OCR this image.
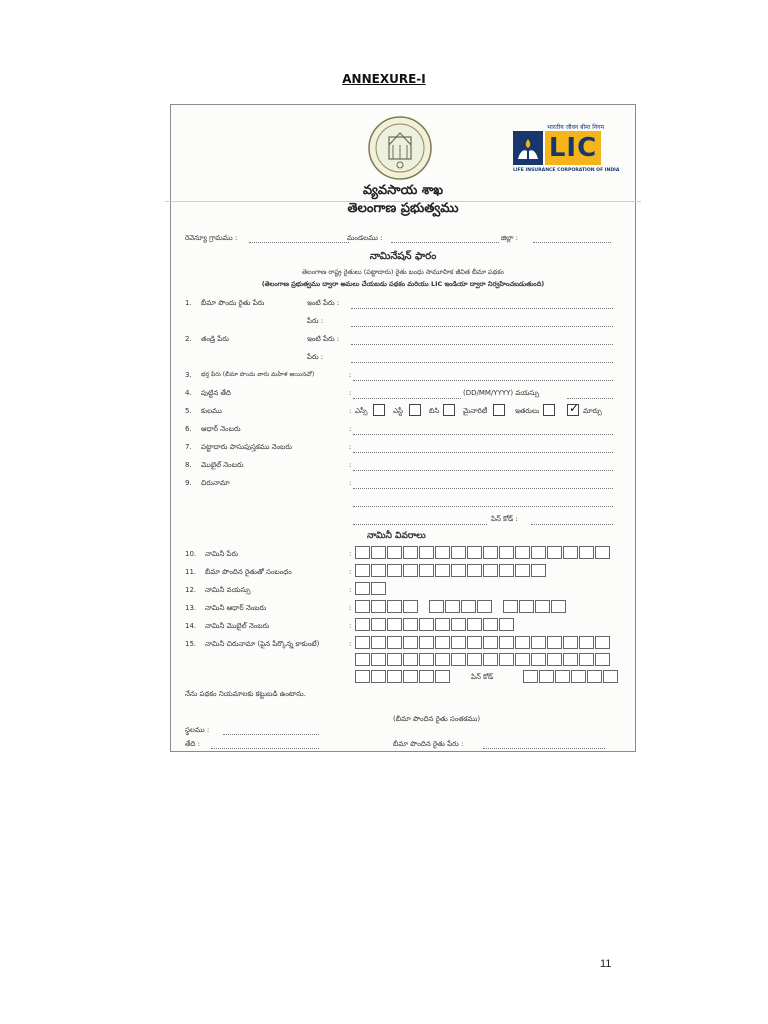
ANNEXURE-I
भारतीय जीवन बीमा निगम
LIC
LIFE INSURANCE CORPORATION OF INDIA
వ్యవసాయ శాఖ
తెలంగాణ ప్రభుత్వము
రెవెన్యూ గ్రామము :	మండలము :	జిల్లా :
నామినేషన్ ఫారం
తెలంగాణ రాష్ట్ర రైతులు (పట్టాదారు) రైతు బంధు సామూహిక జీవిత బీమా పథకం
(తెలంగాణ ప్రభుత్వము ద్వారా అమలు చేయబడు పథకం మరియు LIC ఇండియా ద్వారా నిర్వహించబడుతుంది)
1. బీమా పొందు రైతు పేరు	ఇంటి పేరు :
పేరు :
2. తండ్రి పేరు	ఇంటి పేరు :
పేరు :
3. భర్త పేరు (బీమా పొందు వారు మహిళ అయినచో)	:
4. పుట్టిన తేది	:	(DD/MM/YYYY) వయస్సు
5. కులము	: ఎస్సీ	ఎస్టీ	బిసి	మైనారిటీ	ఇతరులు ✓ మార్చు
6. ఆధార్ నెంబరు	:
7. పట్టాదారు పాసుపుస్తకము నెంబరు	:
8. మొబైల్ నెంబరు	:
9. చిరునామా	:
పిన్ కోడ్ :
నామినీ వివరాలు
10. నామినీ పేరు	:
11. బీమా పొందిన రైతుతో సంబంధం	:
12. నామినీ వయస్సు	:
13. నామినీ ఆధార్ నెంబరు	:
14. నామినీ మొబైల్ నెంబరు	:
15. నామినీ చిరునామా (పైన పేర్కొన్న కాకుంటే)	:
పిన్ కోడ్
నేను పథకం నియమాలకు కట్టుబడి ఉంటాను.
(బీమా పొందిన రైతు సంతకము)
స్థలము :
తేది :	బీమా పొందిన రైతు పేరు :
11
